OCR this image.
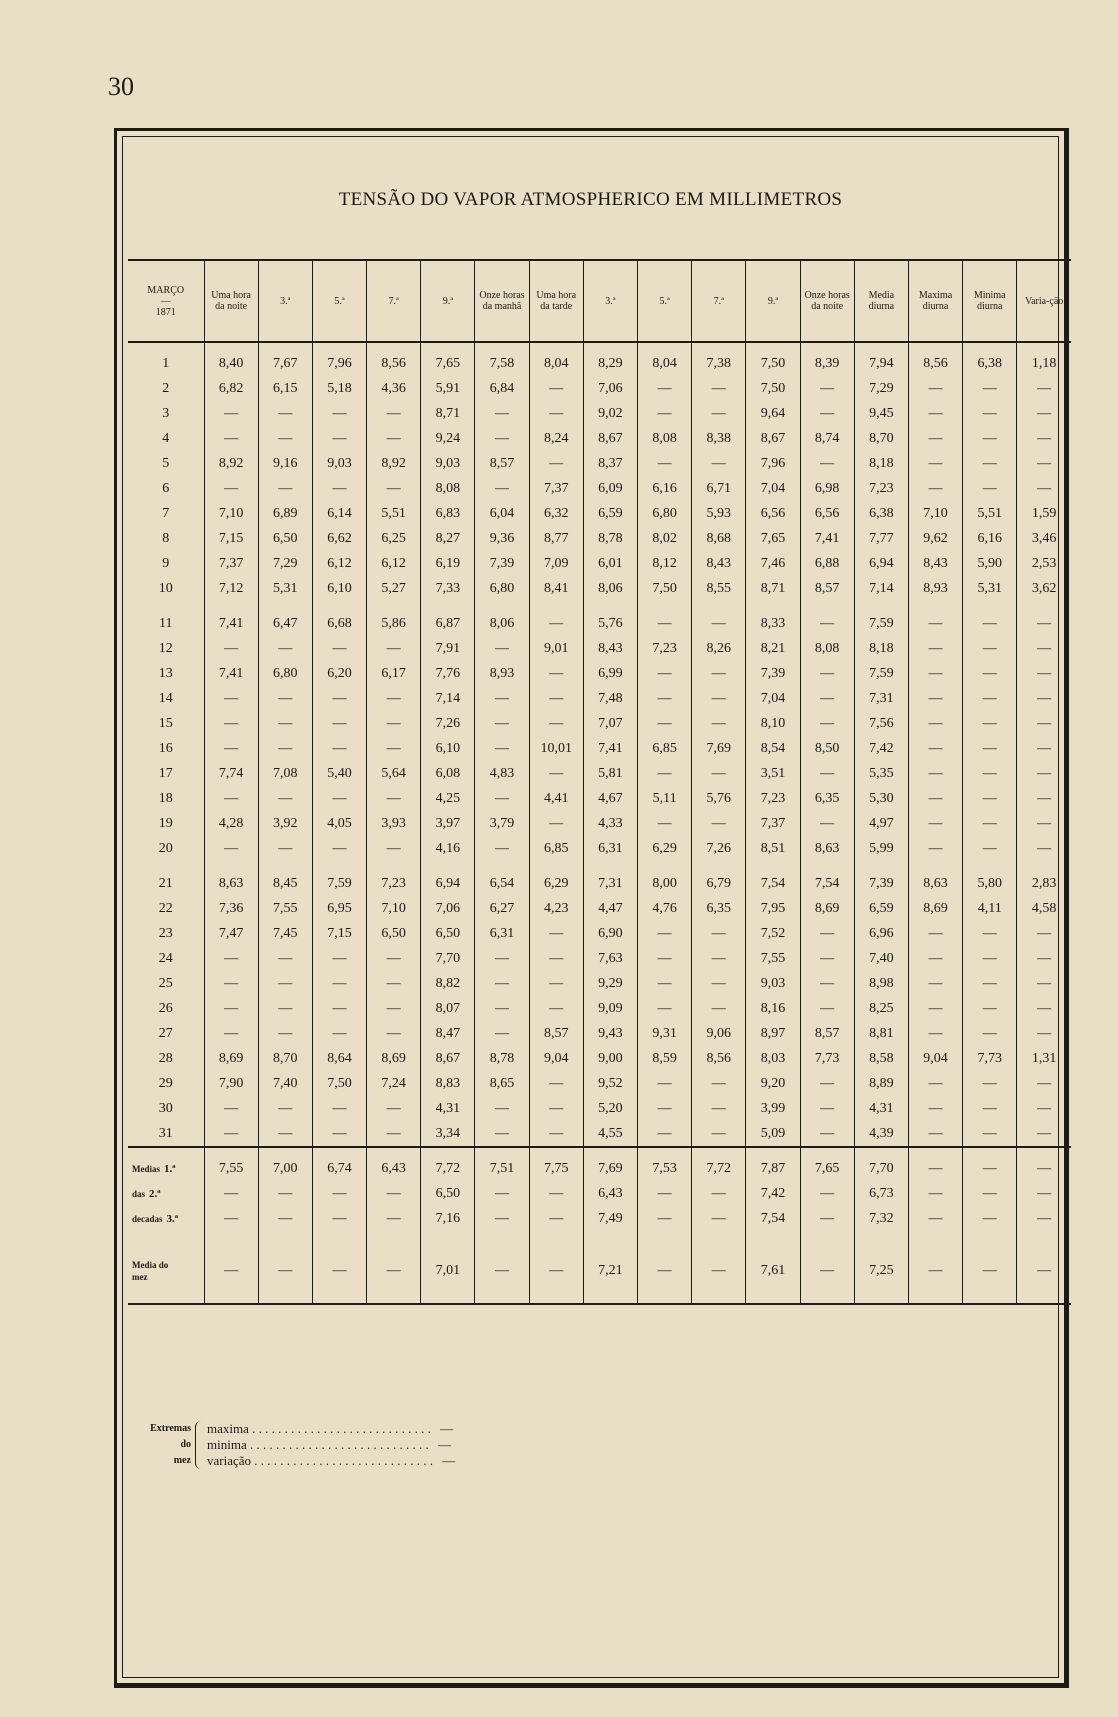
30
TENSÃO DO VAPOR ATMOSPHERICO EM MILLIMETROS
MARÇO
—
1871	Uma hora da noite	3.ª	5.ª	7.ª	9.ª	Onze horas da manhã	Uma hora da tarde	3.ª	5.ª	7.ª	9.ª	Onze horas da noite	Media diurna	Maxima diurna	Minima diurna	Varia-ção
1	8,40	7,67	7,96	8,56	7,65	7,58	8,04	8,29	8,04	7,38	7,50	8,39	7,94	8,56	6,38	1,18
2	6,82	6,15	5,18	4,36	5,91	6,84	—	7,06	—	—	7,50	—	7,29	—	—	—
3	—	—	—	—	8,71	—	—	9,02	—	—	9,64	—	9,45	—	—	—
4	—	—	—	—	9,24	—	8,24	8,67	8,08	8,38	8,67	8,74	8,70	—	—	—
5	8,92	9,16	9,03	8,92	9,03	8,57	—	8,37	—	—	7,96	—	8,18	—	—	—
6	—	—	—	—	8,08	—	7,37	6,09	6,16	6,71	7,04	6,98	7,23	—	—	—
7	7,10	6,89	6,14	5,51	6,83	6,04	6,32	6,59	6,80	5,93	6,56	6,56	6,38	7,10	5,51	1,59
8	7,15	6,50	6,62	6,25	8,27	9,36	8,77	8,78	8,02	8,68	7,65	7,41	7,77	9,62	6,16	3,46
9	7,37	7,29	6,12	6,12	6,19	7,39	7,09	6,01	8,12	8,43	7,46	6,88	6,94	8,43	5,90	2,53
10	7,12	5,31	6,10	5,27	7,33	6,80	8,41	8,06	7,50	8,55	8,71	8,57	7,14	8,93	5,31	3,62

11	7,41	6,47	6,68	5,86	6,87	8,06	—	5,76	—	—	8,33	—	7,59	—	—	—
12	—	—	—	—	7,91	—	9,01	8,43	7,23	8,26	8,21	8,08	8,18	—	—	—
13	7,41	6,80	6,20	6,17	7,76	8,93	—	6,99	—	—	7,39	—	7,59	—	—	—
14	—	—	—	—	7,14	—	—	7,48	—	—	7,04	—	7,31	—	—	—
15	—	—	—	—	7,26	—	—	7,07	—	—	8,10	—	7,56	—	—	—
16	—	—	—	—	6,10	—	10,01	7,41	6,85	7,69	8,54	8,50	7,42	—	—	—
17	7,74	7,08	5,40	5,64	6,08	4,83	—	5,81	—	—	3,51	—	5,35	—	—	—
18	—	—	—	—	4,25	—	4,41	4,67	5,11	5,76	7,23	6,35	5,30	—	—	—
19	4,28	3,92	4,05	3,93	3,97	3,79	—	4,33	—	—	7,37	—	4,97	—	—	—
20	—	—	—	—	4,16	—	6,85	6,31	6,29	7,26	8,51	8,63	5,99	—	—	—

21	8,63	8,45	7,59	7,23	6,94	6,54	6,29	7,31	8,00	6,79	7,54	7,54	7,39	8,63	5,80	2,83
22	7,36	7,55	6,95	7,10	7,06	6,27	4,23	4,47	4,76	6,35	7,95	8,69	6,59	8,69	4,11	4,58
23	7,47	7,45	7,15	6,50	6,50	6,31	—	6,90	—	—	7,52	—	6,96	—	—	—
24	—	—	—	—	7,70	—	—	7,63	—	—	7,55	—	7,40	—	—	—
25	—	—	—	—	8,82	—	—	9,29	—	—	9,03	—	8,98	—	—	—
26	—	—	—	—	8,07	—	—	9,09	—	—	8,16	—	8,25	—	—	—
27	—	—	—	—	8,47	—	8,57	9,43	9,31	9,06	8,97	8,57	8,81	—	—	—
28	8,69	8,70	8,64	8,69	8,67	8,78	9,04	9,00	8,59	8,56	8,03	7,73	8,58	9,04	7,73	1,31
29	7,90	7,40	7,50	7,24	8,83	8,65	—	9,52	—	—	9,20	—	8,89	—	—	—
30	—	—	—	—	4,31	—	—	5,20	—	—	3,99	—	4,31	—	—	—
31	—	—	—	—	3,34	—	—	4,55	—	—	5,09	—	4,39	—	—	—

Medias 1.ª	7,55	7,00	6,74	6,43	7,72	7,51	7,75	7,69	7,53	7,72	7,87	7,65	7,70	—	—	—
das 2.ª	—	—	—	—	6,50	—	—	6,43	—	—	7,42	—	6,73	—	—	—
decadas 3.ª	—	—	—	—	7,16	—	—	7,49	—	—	7,54	—	7,32	—	—	—

Media do
mez	—	—	—	—	7,01	—	—	7,21	—	—	7,61	—	7,25	—	—	—

Extremas
do
mez
maxima . . . . . . . . . . . . . . . . . . . . . . . . . . . . —
minima . . . . . . . . . . . . . . . . . . . . . . . . . . . . —
variação . . . . . . . . . . . . . . . . . . . . . . . . . . . . —
